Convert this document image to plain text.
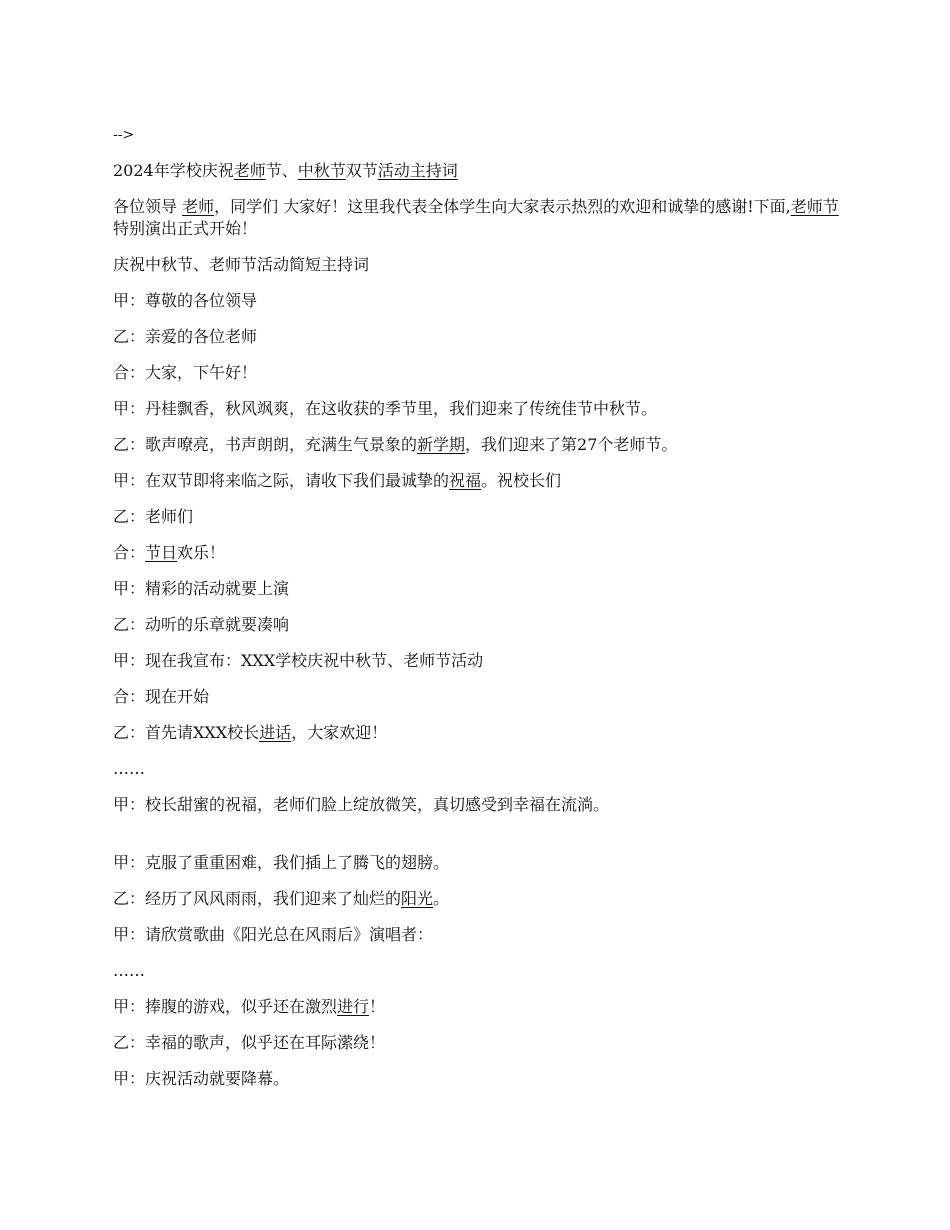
-->

2024年学校庆祝老师节、中秋节双节活动主持词

各位领导 老师，同学们 大家好！这里我代表全体学生向大家表示热烈的欢迎和诚挚的感谢!下面,老师节特别演出正式开始！

庆祝中秋节、老师节活动简短主持词

甲：尊敬的各位领导

乙：亲爱的各位老师

合：大家，下午好！

甲：丹桂飘香，秋风飒爽，在这收获的季节里，我们迎来了传统佳节中秋节。

乙：歌声嘹亮，书声朗朗，充满生气景象的新学期，我们迎来了第27个老师节。

甲：在双节即将来临之际，请收下我们最诚挚的祝福。祝校长们

乙：老师们

合：节日欢乐！

甲：精彩的活动就要上演

乙：动听的乐章就要凑响

甲：现在我宣布：XXX学校庆祝中秋节、老师节活动

合：现在开始

乙：首先请XXX校长进话，大家欢迎！

……

甲：校长甜蜜的祝福，老师们脸上绽放微笑，真切感受到幸福在流淌。

甲：克服了重重困难，我们插上了腾飞的翅膀。

乙：经历了风风雨雨，我们迎来了灿烂的阳光。

甲：请欣赏歌曲《阳光总在风雨后》演唱者：

……

甲：捧腹的游戏，似乎还在激烈进行！

乙：幸福的歌声，似乎还在耳际潆绕！

甲：庆祝活动就要降幕。
